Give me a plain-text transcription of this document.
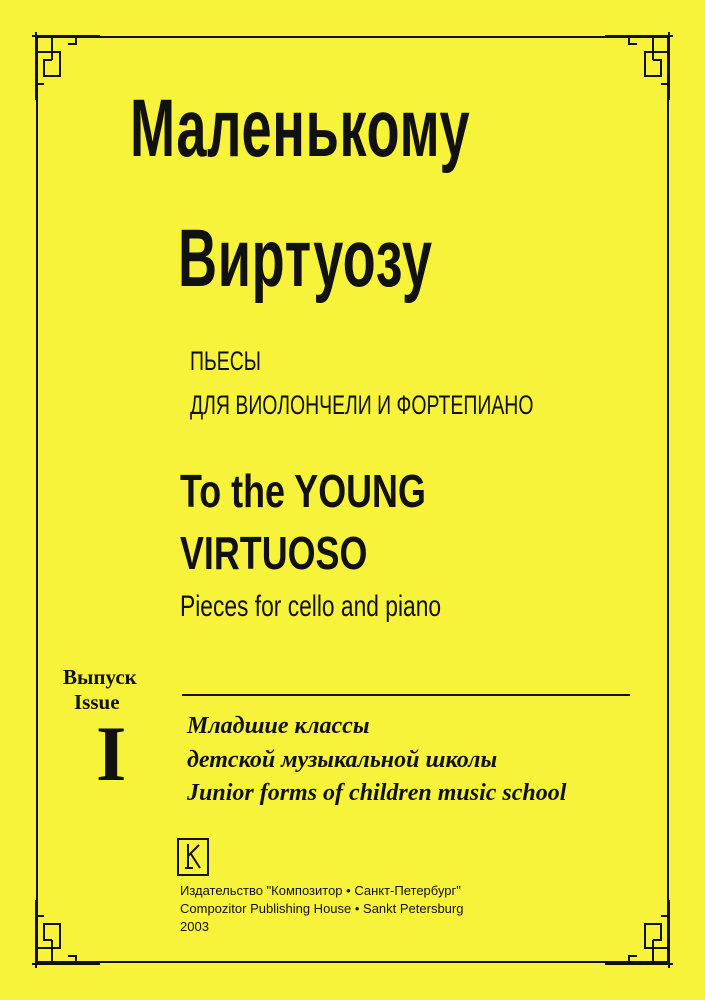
Маленькому
Виртуозу
ПЬЕСЫ
ДЛЯ ВИОЛОНЧЕЛИ И ФОРТЕПИАНО
To the YOUNG
VIRTUOSO
Pieces for cello and piano
Выпуск
Issue
I	Младшие классы
детской музыкальной школы
Junior forms of children music school
Издательство "Композитор • Санкт-Петербург"
Compozitor Publishing House • Sankt Petersburg
2003
